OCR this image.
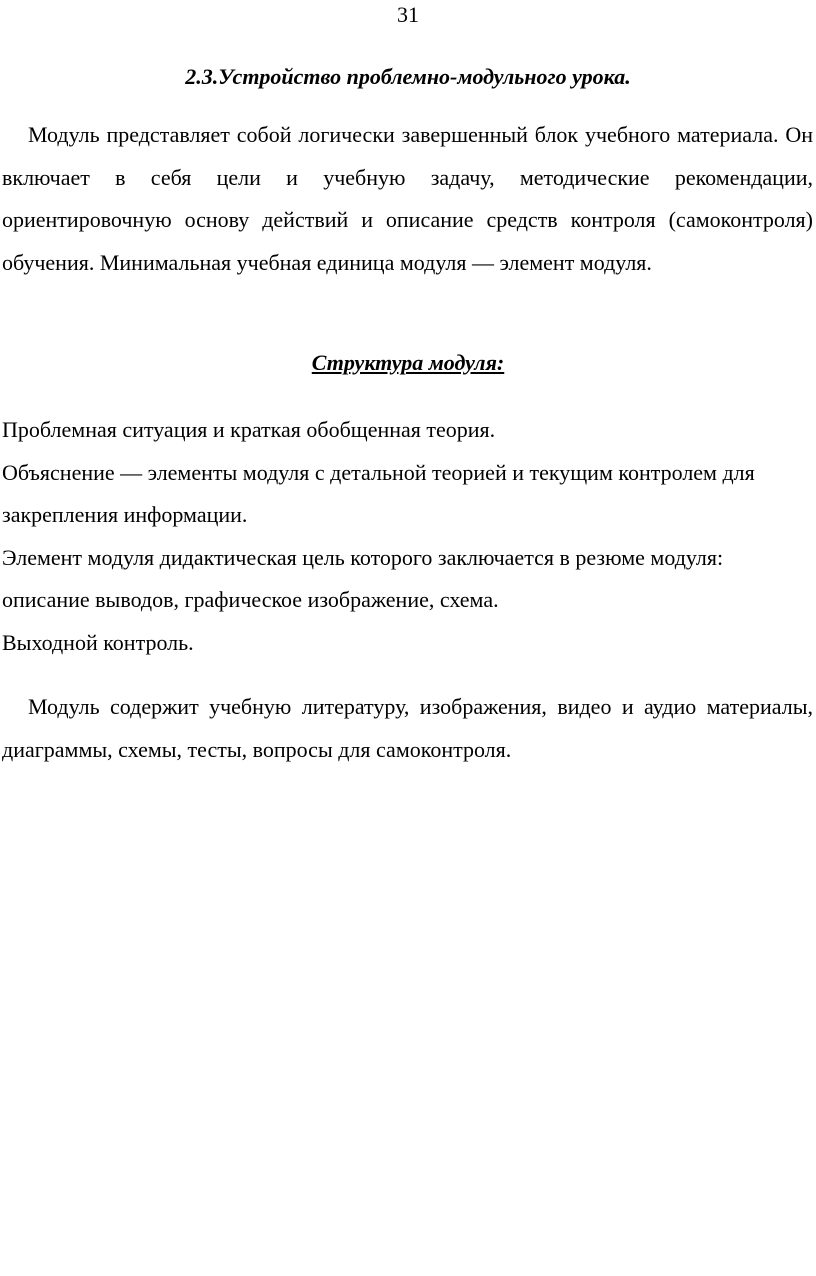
31
2.3.Устройство проблемно-модульного урока.

Модуль представляет собой логически завершенный блок учебного материала. Он включает в себя цели и учебную задачу, методические рекомендации, ориентировочную основу действий и описание средств контроля (самоконтроля) обучения. Минимальная учебная единица модуля — элемент модуля.

Структура модуля:
Проблемная ситуация и краткая обобщенная теория.
Объяснение — элементы модуля с детальной теорией и текущим контролем для закрепления информации.
Элемент модуля дидактическая цель которого заключается в резюме модуля: описание выводов, графическое изображение, схема.
Выходной контроль.

Модуль содержит учебную литературу, изображения, видео и аудио материалы, диаграммы, схемы, тесты, вопросы для самоконтроля.
